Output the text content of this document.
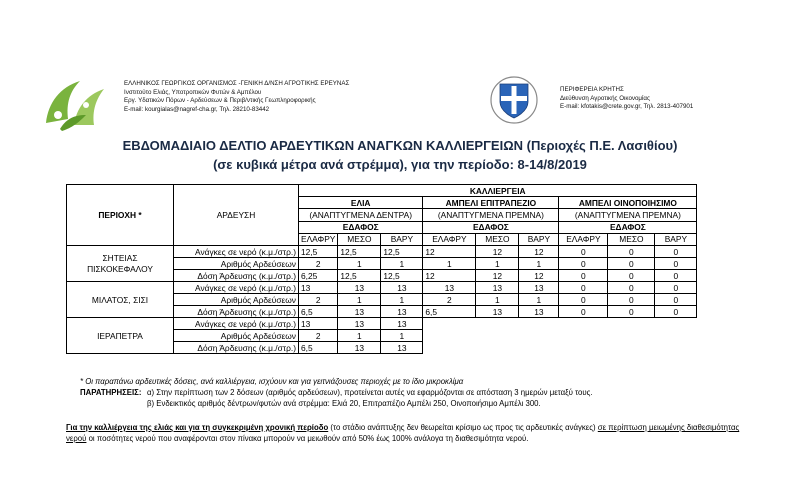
ΕΛΛΗΝΙΚΟΣ ΓΕΩΡΓΙΚΟΣ ΟΡΓΑΝΙΣΜΟΣ -ΓΕΝΙΚΗ Δ/ΝΣΗ ΑΓΡΟΤΙΚΗΣ ΕΡΕΥΝΑΣ
Ινστιτούτο Ελιάς, Υποτροπικών Φυτών & Αμπέλου
Εργ. Υδατικών Πόρων - Αρδεύσεων & Περιβ/ντικής Γεωπληροφορικής
E-mail: kourgialas@nagref-cha.gr, Τηλ. 28210-83442
ΠΕΡΙΦΕΡΕΙΑ ΚΡΗΤΗΣ
Διεύθυνση Αγροτικής Οικονομίας
E-mail: kfotakis@crete.gov.gr, Τηλ. 2813-407901
ΕΒΔΟΜΑΔΙΑΙΟ ΔΕΛΤΙΟ ΑΡΔΕΥΤΙΚΩΝ ΑΝΑΓΚΩΝ ΚΑΛΛΙΕΡΓΕΙΩΝ (Περιοχές Π.Ε. Λασιθίου)
(σε κυβικά μέτρα ανά στρέμμα), για την περίοδο: 8-14/8/2019
ΠΕΡΙΟΧΗ *	ΑΡΔΕΥΣΗ	ΚΑΛΛΙΕΡΓΕΙΑ								
		ΕΛΙΑ			ΑΜΠΕΛΙ ΕΠΙΤΡΑΠΕΖΙΟ			ΑΜΠΕΛΙ ΟΙΝΟΠΟΙΗΣΙΜΟ		
		(ΑΝΑΠΤΥΓΜΕΝΑ ΔΕΝΤΡΑ)			(ΑΝΑΠΤΥΓΜΕΝΑ ΠΡΕΜΝΑ)			(ΑΝΑΠΤΥΓΜΕΝΑ ΠΡΕΜΝΑ)		
		ΕΔΑΦΟΣ			ΕΔΑΦΟΣ			ΕΔΑΦΟΣ		
		ΕΛΑΦΡΥ	ΜΕΣΟ	ΒΑΡΥ	ΕΛΑΦΡΥ	ΜΕΣΟ	ΒΑΡΥ	ΕΛΑΦΡΥ	ΜΕΣΟ	ΒΑΡΥ

ΣΗΤΕΙΑΣ
ΠΙΣΚΟΚΕΦΑΛΟΥ	Ανάγκες σε νερό (κ.μ./στρ.)	12,5	12,5	12,5	12	12	12	0	0	0
	Αριθμός Αρδεύσεων	2	1	1	1	1	1	0	0	0
	Δόση Άρδευσης (κ.μ./στρ.)	6,25	12,5	12,5	12	12	12	0	0	0

ΜΙΛΑΤΟΣ, ΣΙΣΙ	Ανάγκες σε νερό (κ.μ./στρ.)	13	13	13	13	13	13	0	0	0
	Αριθμός Αρδεύσεων	2	1	1	2	1	1	0	0	0
	Δόση Άρδευσης (κ.μ./στρ.)	6,5	13	13	6,5	13	13	0	0	0

ΙΕΡΑΠΕΤΡΑ	Ανάγκες σε νερό (κ.μ./στρ.)	13	13	13						
	Αριθμός Αρδεύσεων	2	1	1						
	Δόση Άρδευσης (κ.μ./στρ.)	6,5	13	13						
* Οι παραπάνω αρδευτικές δόσεις, ανά καλλιέργεια, ισχύουν και για γειτνιάζουσες περιοχές με το ίδιο μικροκλίμα
ΠΑΡΑΤΗΡΗΣΕΙΣ: α) Στην περίπτωση των 2 δόσεων (αριθμός αρδεύσεων), προτείνεται αυτές να εφαρμόζονται σε απόσταση 3 ημερών μεταξύ τους.
β) Ενδεικτικός αριθμός δέντρων/φυτών ανά στρέμμα: Ελιά 20, Επιτραπέζιο Αμπέλι 250, Οινοποιήσιμο Αμπέλι 300.
Για την καλλιέργεια της ελιάς και για τη συγκεκριμένη χρονική περίοδο (το στάδιο ανάπτυξης δεν θεωρείται κρίσιμο ως προς τις αρδευτικές ανάγκες) σε περίπτωση μειωμένης διαθεσιμότητας νερού οι ποσότητες νερού που αναφέρονται στον πίνακα μπορούν να μειωθούν από 50% έως 100% ανάλογα τη διαθεσιμότητα νερού.
